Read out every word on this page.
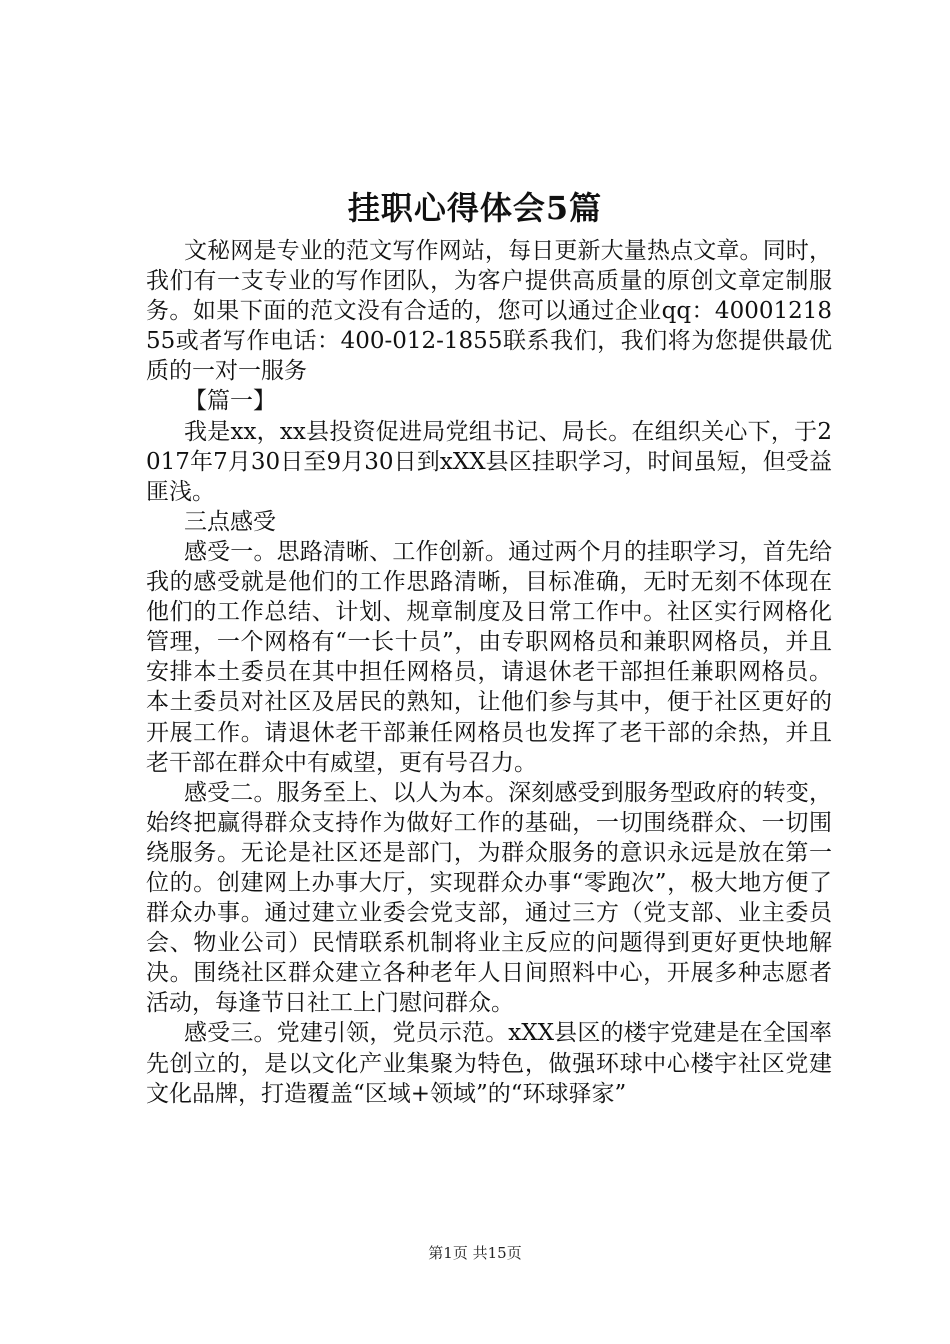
挂职心得体会5篇

文秘网是专业的范文写作网站，每日更新大量热点文章。同时，我们有一支专业的写作团队，为客户提供高质量的原创文章定制服务。如果下面的范文没有合适的，您可以通过企业qq：4000121855或者写作电话：400-012-1855联系我们，我们将为您提供最优质的一对一服务

【篇一】

我是xx，xx县投资促进局党组书记、局长。在组织关心下，于2017年7月30日至9月30日到xXX县区挂职学习，时间虽短，但受益匪浅。

三点感受

感受一。思路清晰、工作创新。通过两个月的挂职学习，首先给我的感受就是他们的工作思路清晰，目标准确，无时无刻不体现在他们的工作总结、计划、规章制度及日常工作中。社区实行网格化管理，一个网格有“一长十员”，由专职网格员和兼职网格员，并且安排本土委员在其中担任网格员，请退休老干部担任兼职网格员。本土委员对社区及居民的熟知，让他们参与其中，便于社区更好的开展工作。请退休老干部兼任网格员也发挥了老干部的余热，并且老干部在群众中有威望，更有号召力。

感受二。服务至上、以人为本。深刻感受到服务型政府的转变，始终把赢得群众支持作为做好工作的基础，一切围绕群众、一切围绕服务。无论是社区还是部门，为群众服务的意识永远是放在第一位的。创建网上办事大厅，实现群众办事“零跑次”，极大地方便了群众办事。通过建立业委会党支部，通过三方（党支部、业主委员会、物业公司）民情联系机制将业主反应的问题得到更好更快地解决。围绕社区群众建立各种老年人日间照料中心，开展多种志愿者活动，每逢节日社工上门慰问群众。

感受三。党建引领，党员示范。xXX县区的楼宇党建是在全国率先创立的，是以文化产业集聚为特色，做强环球中心楼宇社区党建文化品牌，打造覆盖“区域+领域”的“环球驿家”

第1页 共15页
